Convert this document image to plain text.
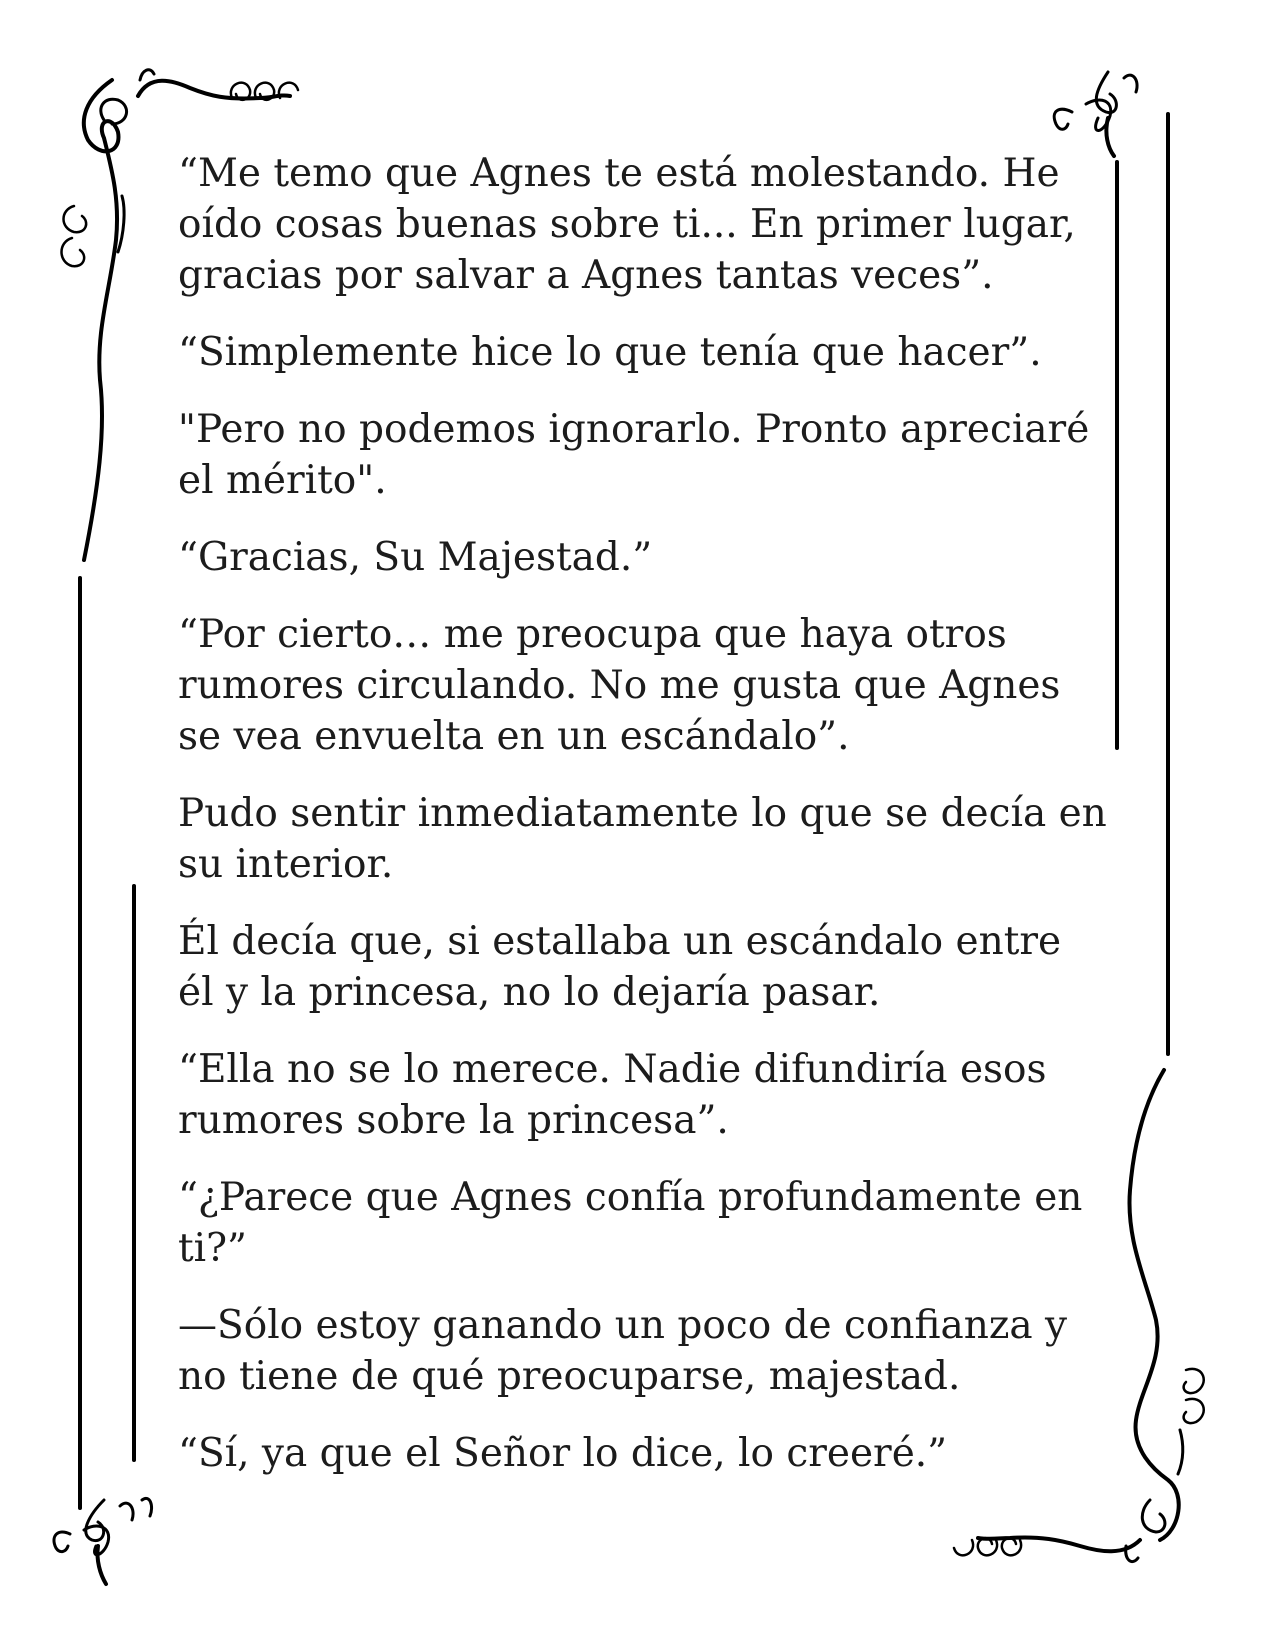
“Me temo que Agnes te está molestando. He oído cosas buenas sobre ti... En primer lugar, gracias por salvar a Agnes tantas veces”.

“Simplemente hice lo que tenía que hacer”.

"Pero no podemos ignorarlo. Pronto apreciaré el mérito".

“Gracias, Su Majestad.”

“Por cierto… me preocupa que haya otros rumores circulando. No me gusta que Agnes se vea envuelta en un escándalo”.

Pudo sentir inmediatamente lo que se decía en su interior.

Él decía que, si estallaba un escándalo entre él y la princesa, no lo dejaría pasar.

“Ella no se lo merece. Nadie difundiría esos rumores sobre la princesa”.

“¿Parece que Agnes confía profundamente en ti?”

—Sólo estoy ganando un poco de confianza y no tiene de qué preocuparse, majestad.

“Sí, ya que el Señor lo dice, lo creeré.”
